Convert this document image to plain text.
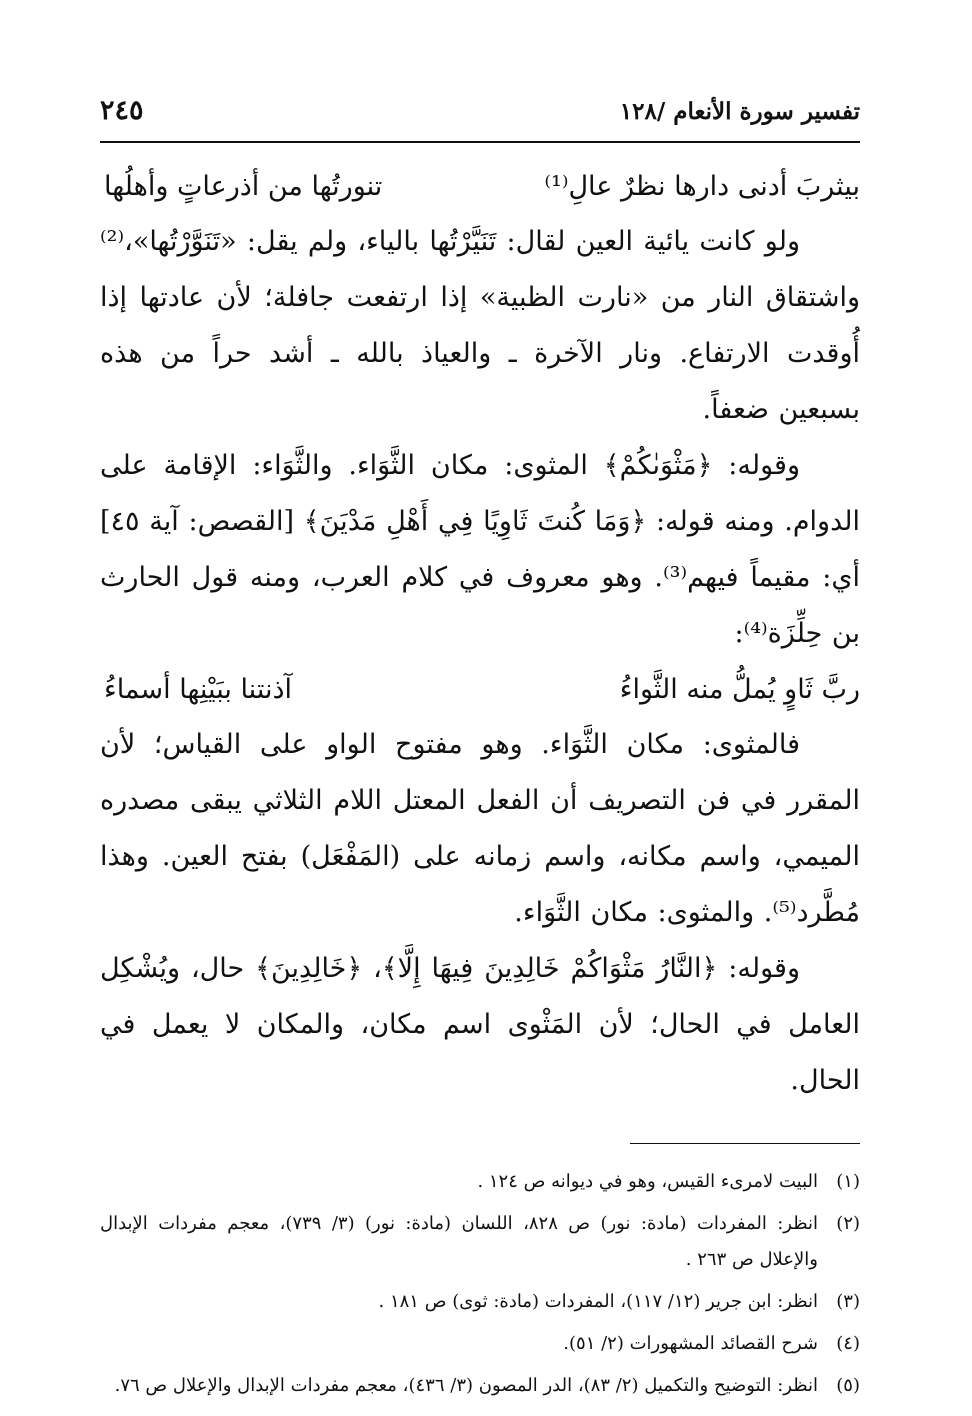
تفسير سورة الأنعام /١٢٨
٢٤٥
بيثربَ أدنى دارها نظرٌ عالِ⁽¹⁾
تنورتُها من أذرعاتٍ وأهلُها

ولو كانت يائية العين لقال: تَنَيَّرْتُها بالياء، ولم يقل: «تَنَوَّرْتُها»،⁽²⁾ واشتقاق النار من «نارت الظبية» إذا ارتفعت جافلة؛ لأن عادتها إذا أُوقدت الارتفاع. ونار الآخرة ـ والعياذ بالله ـ أشد حراً من هذه بسبعين ضعفاً.

وقوله: ﴿مَثْوَىٰكُمْ﴾ المثوى: مكان الثَّوَاء. والثَّوَاء: الإقامة على الدوام. ومنه قوله: ﴿وَمَا كُنتَ ثَاوِيًا فِي أَهْلِ مَدْيَنَ﴾ [القصص: آية ٤٥] أي: مقيماً فيهم⁽³⁾. وهو معروف في كلام العرب، ومنه قول الحارث بن حِلِّزَة⁽⁴⁾:

ربَّ ثَاوٍ يُملُّ منه الثَّواءُ
آذنتنا ببَيْنِها أسماءُ

فالمثوى: مكان الثَّوَاء. وهو مفتوح الواو على القياس؛ لأن المقرر في فن التصريف أن الفعل المعتل اللام الثلاثي يبقى مصدره الميمي، واسم مكانه، واسم زمانه على (المَفْعَل) بفتح العين. وهذا مُطَّرد⁽⁵⁾. والمثوى: مكان الثَّوَاء.

وقوله: ﴿النَّارُ مَثْوَاكُمْ خَالِدِينَ فِيهَا إِلَّا﴾، ﴿خَالِدِينَ﴾ حال، ويُشْكِل العامل في الحال؛ لأن المَثْوى اسم مكان، والمكان لا يعمل في الحال.

(١)البيت لامرىء القيس، وهو في ديوانه ص ١٢٤ .

(٢)انظر: المفردات (مادة: نور) ص ٨٢٨، اللسان (مادة: نور) (٣/ ٧٣٩)، معجم مفردات الإبدال والإعلال ص ٢٦٣ .

(٣)انظر: ابن جرير (١٢/ ١١٧)، المفردات (مادة: ثوى) ص ١٨١ .

(٤)شرح القصائد المشهورات (٢/ ٥١).

(٥)انظر: التوضيح والتكميل (٢/ ٨٣)، الدر المصون (٣/ ٤٣٦)، معجم مفردات الإبدال والإعلال ص ٧٦.
